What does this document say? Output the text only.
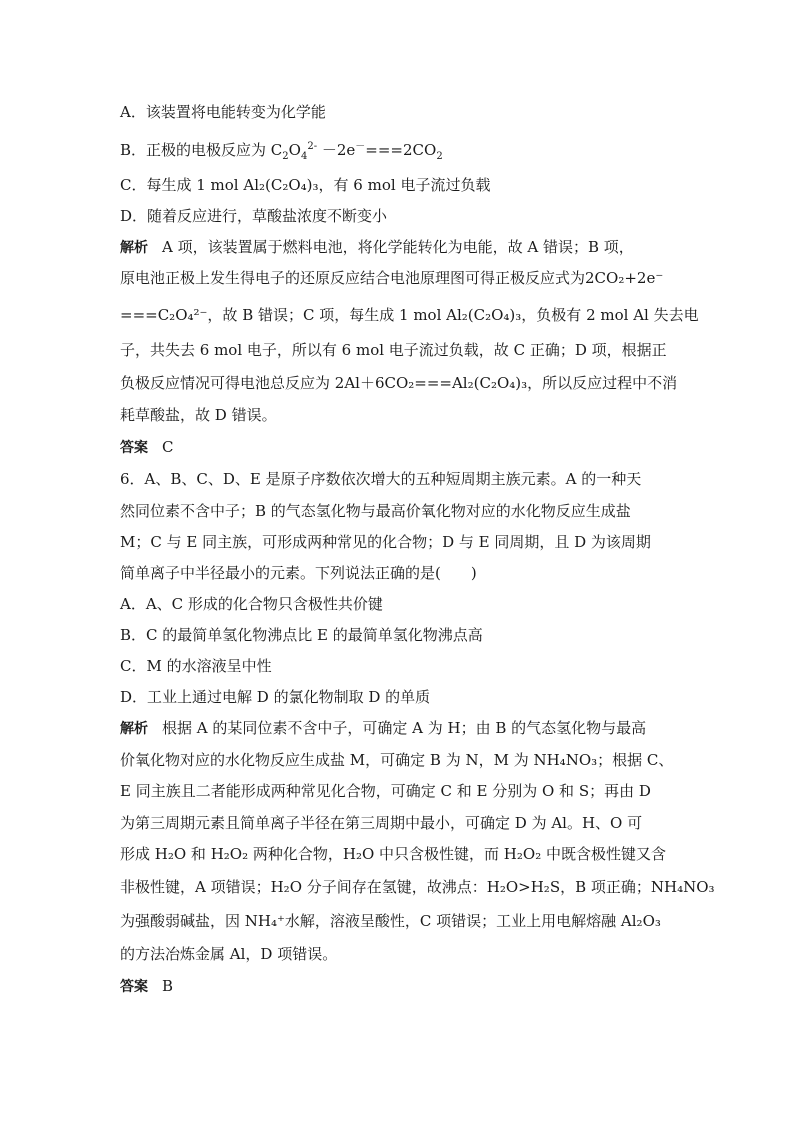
A．该装置将电能转变为化学能
B．正极的电极反应为 $C_2O_4^{2-} -2e^-===2CO_2$
C．每生成 1 mol Al₂(C₂O₄)₃，有 6 mol 电子流过负载
D．随着反应进行，草酸盐浓度不断变小
解析 A 项，该装置属于燃料电池，将化学能转化为电能，故 A 错误；B 项，
原电池正极上发生得电子的还原反应结合电池原理图可得正极反应式为2CO₂+2e⁻
===C₂O₄²⁻，故 B 错误；C 项，每生成 1 mol Al₂(C₂O₄)₃，负极有 2 mol Al 失去电
子，共失去 6 mol 电子，所以有 6 mol 电子流过负载，故 C 正确；D 项，根据正
负极反应情况可得电池总反应为 2Al＋6CO₂===Al₂(C₂O₄)₃，所以反应过程中不消
耗草酸盐，故 D 错误。
答案 C
6．A、B、C、D、E 是原子序数依次增大的五种短周期主族元素。A 的一种天
然同位素不含中子；B 的气态氢化物与最高价氧化物对应的水化物反应生成盐
M；C 与 E 同主族，可形成两种常见的化合物；D 与 E 同周期，且 D 为该周期
简单离子中半径最小的元素。下列说法正确的是(　　)
A．A、C 形成的化合物只含极性共价键
B．C 的最简单氢化物沸点比 E 的最简单氢化物沸点高
C．M 的水溶液呈中性
D．工业上通过电解 D 的氯化物制取 D 的单质
解析 根据 A 的某同位素不含中子，可确定 A 为 H；由 B 的气态氢化物与最高
价氧化物对应的水化物反应生成盐 M，可确定 B 为 N，M 为 NH₄NO₃；根据 C、
E 同主族且二者能形成两种常见化合物，可确定 C 和 E 分别为 O 和 S；再由 D
为第三周期元素且简单离子半径在第三周期中最小，可确定 D 为 Al。H、O 可
形成 H₂O 和 H₂O₂ 两种化合物，H₂O 中只含极性键，而 H₂O₂ 中既含极性键又含
非极性键，A 项错误；H₂O 分子间存在氢键，故沸点：H₂O>H₂S，B 项正确；NH₄NO₃
为强酸弱碱盐，因 NH₄⁺水解，溶液呈酸性，C 项错误；工业上用电解熔融 Al₂O₃
的方法冶炼金属 Al，D 项错误。
答案 B
